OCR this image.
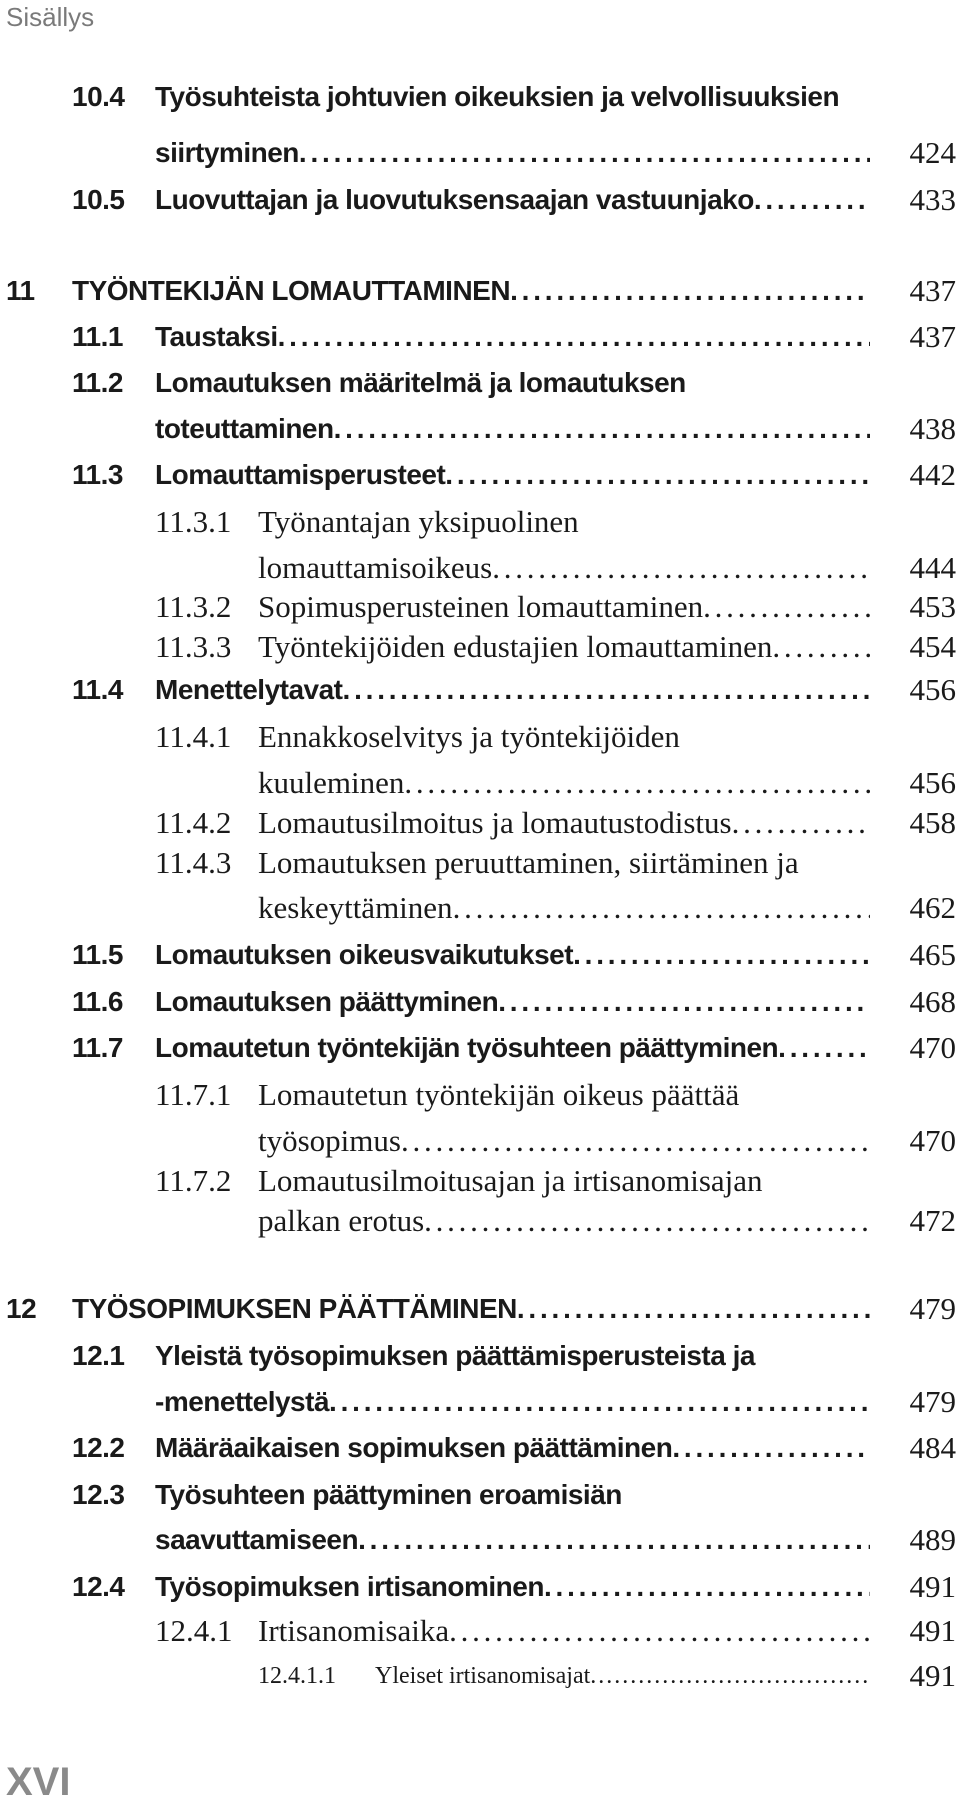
Sisällys
10.4 Työsuhteista johtuvien oikeuksien ja velvollisuuksien
siirtyminen . . .	424
10.5 Luovuttajan ja luovutuksensaajan vastuunjako . . .	433
11 TYÖNTEKIJÄN LOMAUTTAMINEN . . .	437
11.1 Taustaksi . . .	437
11.2 Lomautuksen määritelmä ja lomautuksen
toteuttaminen . . .	438
11.3 Lomauttamisperusteet . . .	442
11.3.1 Työnantajan yksipuolinen
lomauttamisoikeus . . .	444
11.3.2 Sopimusperusteinen lomauttaminen . . .	453
11.3.3 Työntekijöiden edustajien lomauttaminen . . .	454
11.4 Menettelytavat . . .	456
11.4.1 Ennakkoselvitys ja työntekijöiden
kuuleminen . . .	456
11.4.2 Lomautusilmoitus ja lomautustodistus . . .	458
11.4.3 Lomautuksen peruuttaminen, siirtäminen ja
keskeyttäminen . . .	462
11.5 Lomautuksen oikeusvaikutukset . . .	465
11.6 Lomautuksen päättyminen . . .	468
11.7 Lomautetun työntekijän työsuhteen päättyminen . . .	470
11.7.1 Lomautetun työntekijän oikeus päättää
työsopimus . . .	470
11.7.2 Lomautusilmoitusajan ja irtisanomisajan
palkan erotus . . .	472
12 TYÖSOPIMUKSEN PÄÄTTÄMINEN . . .	479
12.1 Yleistä työsopimuksen päättämisperusteista ja
-menettelystä . . .	479
12.2 Määräaikaisen sopimuksen päättäminen . . .	484
12.3 Työsuhteen päättyminen eroamisiän
saavuttamiseen . . .	489
12.4 Työsopimuksen irtisanominen . . .	491
12.4.1 Irtisanomisaika . . .	491
12.4.1.1 Yleiset irtisanomisajat . . .	491
XVI
